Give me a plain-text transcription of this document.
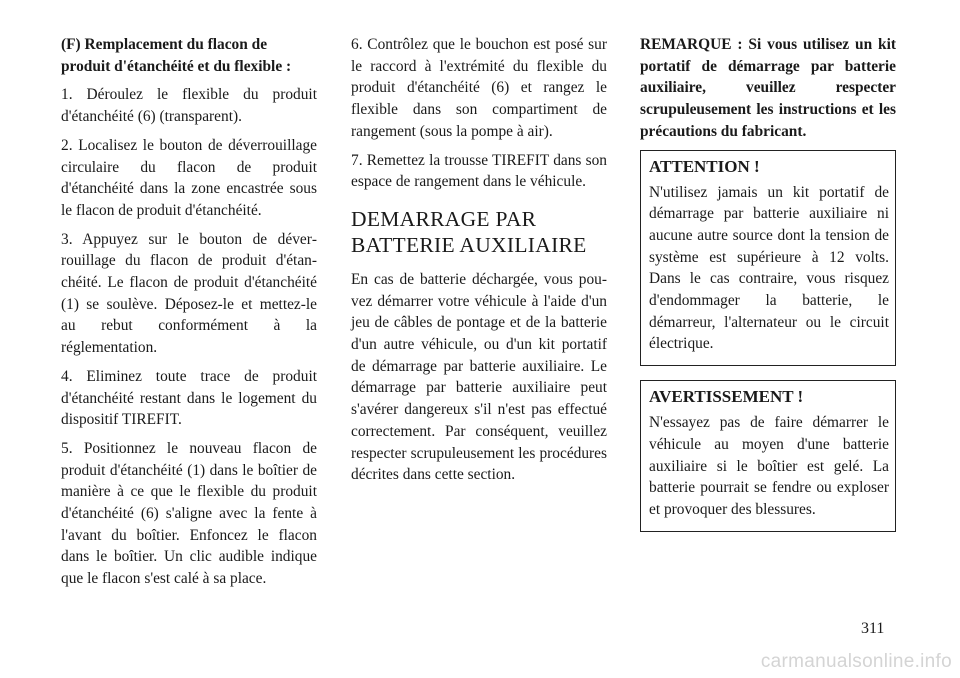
(F) Remplacement du flacon de produit d'étanchéité et du flexible :

1. Déroulez le flexible du produit d'étanchéité (6) (transparent).

2. Localisez le bouton de déverrouillage circulaire du flacon de produit d'étanchéité dans la zone encastrée sous le flacon de produit d'étanchéité.

3. Appuyez sur le bouton de déverrouillage du flacon de produit d'étanchéité. Le flacon de produit d'étanchéité (1) se soulève. Déposez-le et mettez-le au rebut conformément à la réglementation.

4. Eliminez toute trace de produit d'étanchéité restant dans le logement du dispositif TIREFIT.

5. Positionnez le nouveau flacon de produit d'étanchéité (1) dans le boîtier de manière à ce que le flexible du produit d'étanchéité (6) s'aligne avec la fente à l'avant du boîtier. Enfoncez le flacon dans le boîtier. Un clic audible indique que le flacon s'est calé à sa place.

6. Contrôlez que le bouchon est posé sur le raccord à l'extrémité du flexible du produit d'étanchéité (6) et rangez le flexible dans son compartiment de rangement (sous la pompe à air).

7. Remettez la trousse TIREFIT dans son espace de rangement dans le véhicule.

DEMARRAGE PAR BATTERIE AUXILIAIRE

En cas de batterie déchargée, vous pouvez démarrer votre véhicule à l'aide d'un jeu de câbles de pontage et de la batterie d'un autre véhicule, ou d'un kit portatif de démarrage par batterie auxiliaire. Le démarrage par batterie auxiliaire peut s'avérer dangereux s'il n'est pas effectué correctement. Par conséquent, veuillez respecter scrupuleusement les procédures décrites dans cette section.

REMARQUE : Si vous utilisez un kit portatif de démarrage par batterie auxiliaire, veuillez respecter scrupuleusement les instructions et les précautions du fabricant.

ATTENTION !

N'utilisez jamais un kit portatif de démarrage par batterie auxiliaire ni aucune autre source dont la tension de système est supérieure à 12 volts. Dans le cas contraire, vous risquez d'endommager la batterie, le démarreur, l'alternateur ou le circuit électrique.

AVERTISSEMENT !

N'essayez pas de faire démarrer le véhicule au moyen d'une batterie auxiliaire si le boîtier est gelé. La batterie pourrait se fendre ou exploser et provoquer des blessures.

311
carmanualsonline.info
